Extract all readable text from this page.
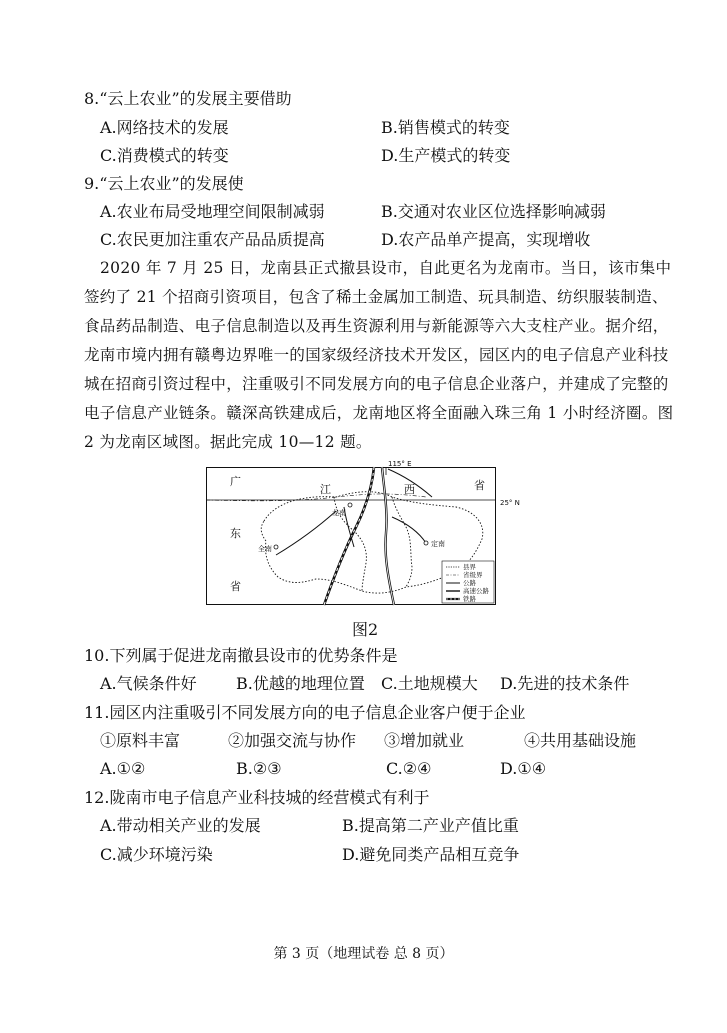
8.“云上农业”的发展主要借助
A.网络技术的发展	B.销售模式的转变
C.消费模式的转变	D.生产模式的转变
9.“云上农业”的发展使
A.农业布局受地理空间限制减弱	B.交通对农业区位选择影响减弱
C.农民更加注重农产品品质提高	D.农产品单产提高，实现增收
2020 年 7 月 25 日，龙南县正式撤县设市，自此更名为龙南市。当日，该市集中
签约了 21 个招商引资项目，包含了稀土金属加工制造、玩具制造、纺织服装制造、
食品药品制造、电子信息制造以及再生资源利用与新能源等六大支柱产业。据介绍，
龙南市境内拥有赣粤边界唯一的国家级经济技术开发区，园区内的电子信息产业科技
城在招商引资过程中，注重吸引不同发展方向的电子信息企业落户，并建成了完整的
电子信息产业链条。赣深高铁建成后，龙南地区将全面融入珠三角 1 小时经济圈。图
2 为龙南区域图。据此完成 10—12 题。
115° E
广
东
省
江	西	省
龙南
全南
定南
县界
省级界
公路
高速公路
铁路
25° N
图2
10.下列属于促进龙南撤县设市的优势条件是
A.气候条件好 B.优越的地理位置 C.土地规模大 D.先进的技术条件
11.园区内注重吸引不同发展方向的电子信息企业客户便于企业
①原料丰富	②加强交流与协作 ③增加就业	④共用基础设施
A.①②	B.②③	C.②④	D.①④
12.陇南市电子信息产业科技城的经营模式有利于
A.带动相关产业的发展	B.提高第二产业产值比重
C.减少环境污染	D.避免同类产品相互竞争
第 3 页（地理试卷 总 8 页）
